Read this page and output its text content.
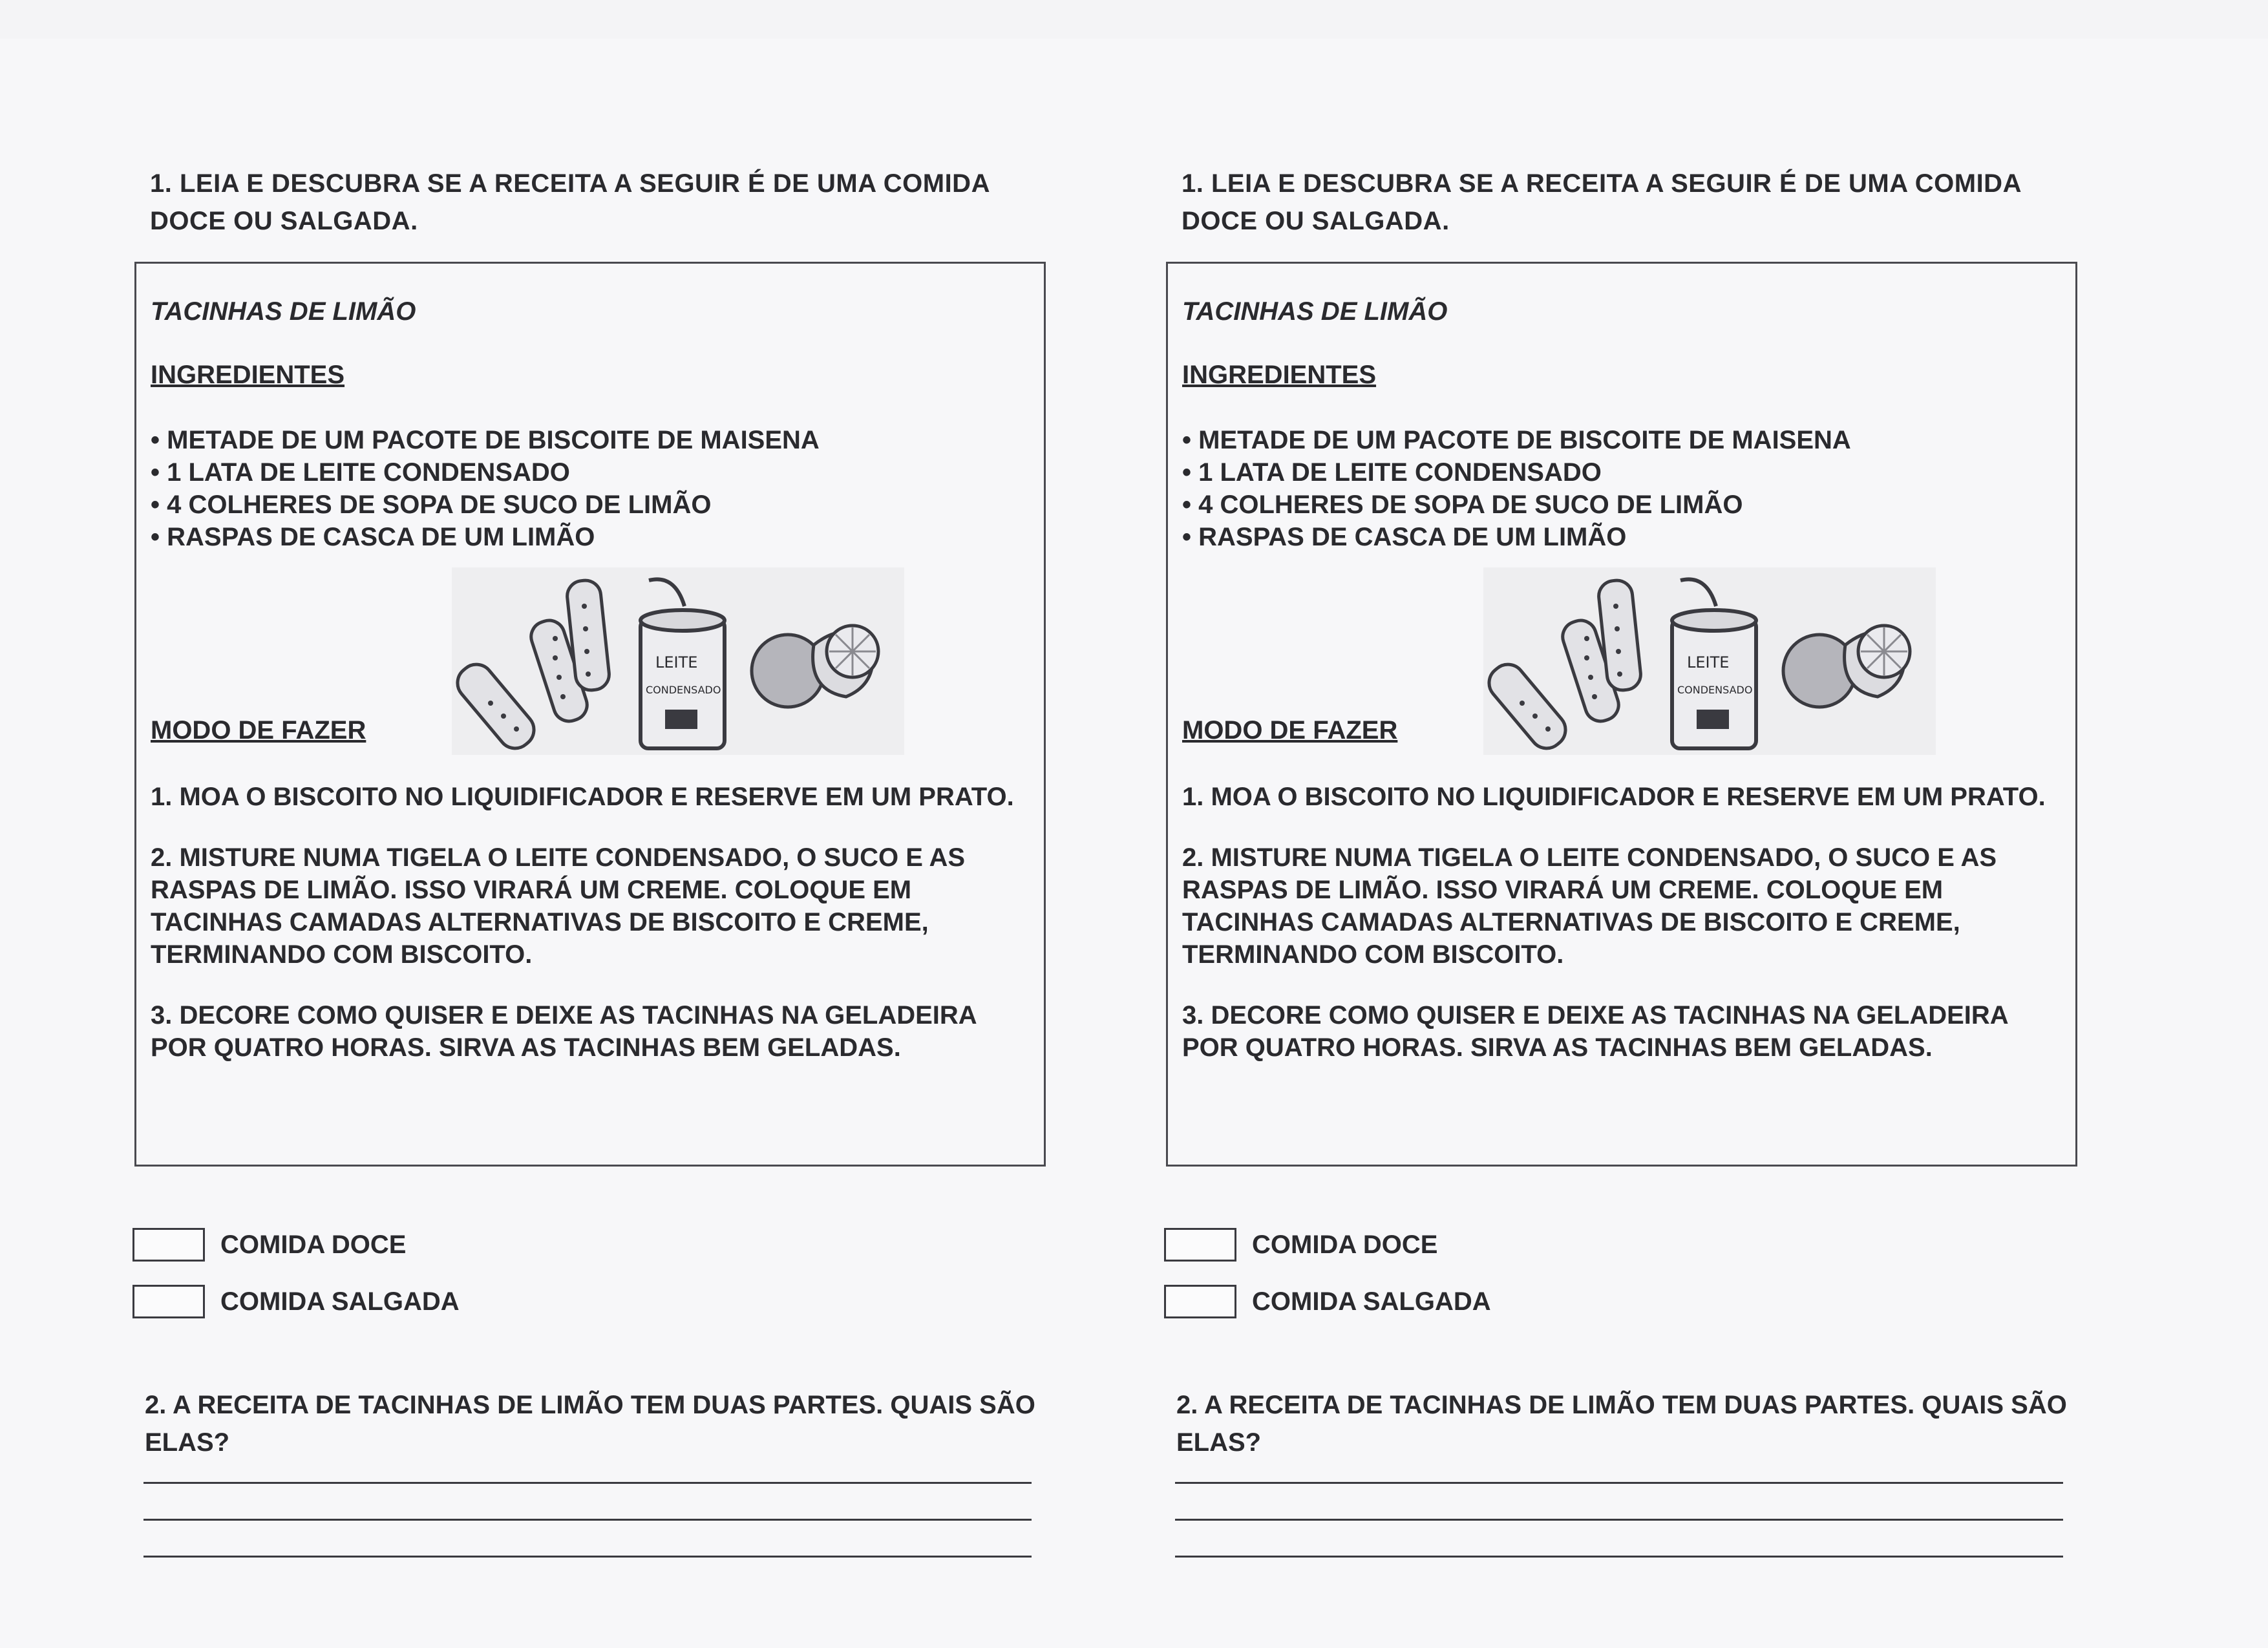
1. LEIA E DESCUBRA SE A RECEITA A SEGUIR É DE UMA COMIDA DOCE OU SALGADA.

TACINHAS DE LIMÃO

INGREDIENTES

• METADE DE UM PACOTE DE BISCOITE DE MAISENA
• 1 LATA DE LEITE CONDENSADO
• 4 COLHERES DE SOPA DE SUCO DE LIMÃO
• RASPAS DE CASCA DE UM LIMÃO
LEITE
CONDENSADO

MODO DE FAZER

1. MOA O BISCOITO NO LIQUIDIFICADOR E RESERVE EM UM PRATO.

2. MISTURE NUMA TIGELA O LEITE CONDENSADO, O SUCO E AS RASPAS DE LIMÃO. ISSO VIRARÁ UM CREME. COLOQUE EM TACINHAS CAMADAS ALTERNATIVAS DE BISCOITO E CREME, TERMINANDO COM BISCOITO.

3. DECORE COMO QUISER E DEIXE AS TACINHAS NA GELADEIRA POR QUATRO HORAS. SIRVA AS TACINHAS BEM GELADAS.

COMIDA DOCE
COMIDA SALGADA

2. A RECEITA DE TACINHAS DE LIMÃO TEM DUAS PARTES. QUAIS SÃO ELAS?

1. LEIA E DESCUBRA SE A RECEITA A SEGUIR É DE UMA COMIDA DOCE OU SALGADA.

TACINHAS DE LIMÃO

INGREDIENTES

• METADE DE UM PACOTE DE BISCOITE DE MAISENA
• 1 LATA DE LEITE CONDENSADO
• 4 COLHERES DE SOPA DE SUCO DE LIMÃO
• RASPAS DE CASCA DE UM LIMÃO
LEITE
CONDENSADO

MODO DE FAZER

1. MOA O BISCOITO NO LIQUIDIFICADOR E RESERVE EM UM PRATO.

2. MISTURE NUMA TIGELA O LEITE CONDENSADO, O SUCO E AS RASPAS DE LIMÃO. ISSO VIRARÁ UM CREME. COLOQUE EM TACINHAS CAMADAS ALTERNATIVAS DE BISCOITO E CREME, TERMINANDO COM BISCOITO.

3. DECORE COMO QUISER E DEIXE AS TACINHAS NA GELADEIRA POR QUATRO HORAS. SIRVA AS TACINHAS BEM GELADAS.

COMIDA DOCE
COMIDA SALGADA

2. A RECEITA DE TACINHAS DE LIMÃO TEM DUAS PARTES. QUAIS SÃO ELAS?
